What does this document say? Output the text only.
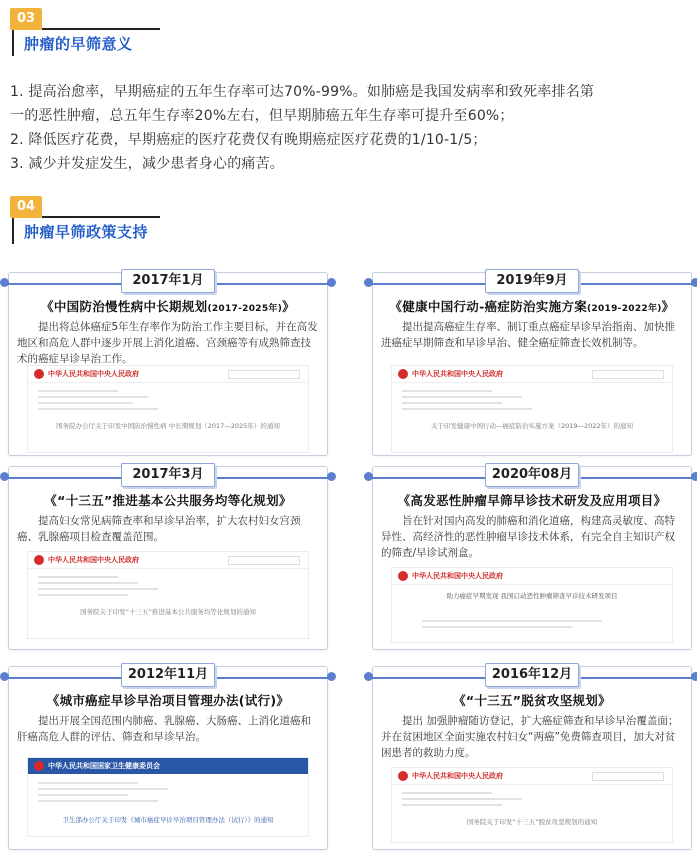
03
肿瘤的早筛意义
1. 提高治愈率，早期癌症的五年生存率可达70%-99%。如肺癌是我国发病率和致死率排名第
一的恶性肿瘤，总五年生存率20%左右，但早期肺癌五年生存率可提升至60%；
2. 降低医疗花费，早期癌症的医疗花费仅有晚期癌症医疗花费的1/10-1/5；
3. 减少并发症发生，减少患者身心的痛苦。
04
肿瘤早筛政策支持
2017年1月
《中国防治慢性病中长期规划(2017-2025年)》
提出将总体癌症5年生存率作为防治工作主要目标，并在高发地区和高危人群中逐步开展上消化道癌、宫颈癌等有成熟筛查技术的癌症早诊早治工作。
中华人民共和国中央人民政府
国务院办公厅关于印发中国防治慢性病 中长期规划（2017—2025年）的通知
2019年9月
《健康中国行动-癌症防治实施方案(2019-2022年)》
提出提高癌症生存率、制订重点癌症早诊早治指南、加快推进癌症早期筛查和早诊早治、健全癌症筛查长效机制等。
中华人民共和国中央人民政府
关于印发健康中国行动—癌症防治实施方案（2019—2022年）的通知
2017年3月
《“十三五”推进基本公共服务均等化规划》
提高妇女常见病筛查率和早诊早治率，扩大农村妇女宫颈癌、乳腺癌项目检查覆盖范围。
中华人民共和国中央人民政府
国务院关于印发“十三五”推进基本公共服务均等化规划的通知
2020年08月
《高发恶性肿瘤早筛早诊技术研发及应用项目》
旨在针对国内高发的肺癌和消化道癌，构建高灵敏度、高特异性、高经济性的恶性肿瘤早诊技术体系，有完全自主知识产权的筛查/早诊试剂盒。
中华人民共和国中央人民政府
助力癌症早期发现 我国启动恶性肿瘤筛查早诊技术研发项目
2012年11月
《城市癌症早诊早治项目管理办法(试行)》
提出开展全国范围内肺癌、乳腺癌、大肠癌、上消化道癌和肝癌高危人群的评估、筛查和早诊早治。
中华人民共和国国家卫生健康委员会
卫生部办公厅关于印发《城市癌症早诊早治项目管理办法（试行）》的通知
2016年12月
《“十三五”脱贫攻坚规划》
提出 加强肿瘤随访登记，扩大癌症筛查和早诊早治覆盖面；并在贫困地区全面实施农村妇女“两癌”免费筛查项目，加大对贫困患者的救助力度。
中华人民共和国中央人民政府
国务院关于印发“十三五”脱贫攻坚规划的通知
